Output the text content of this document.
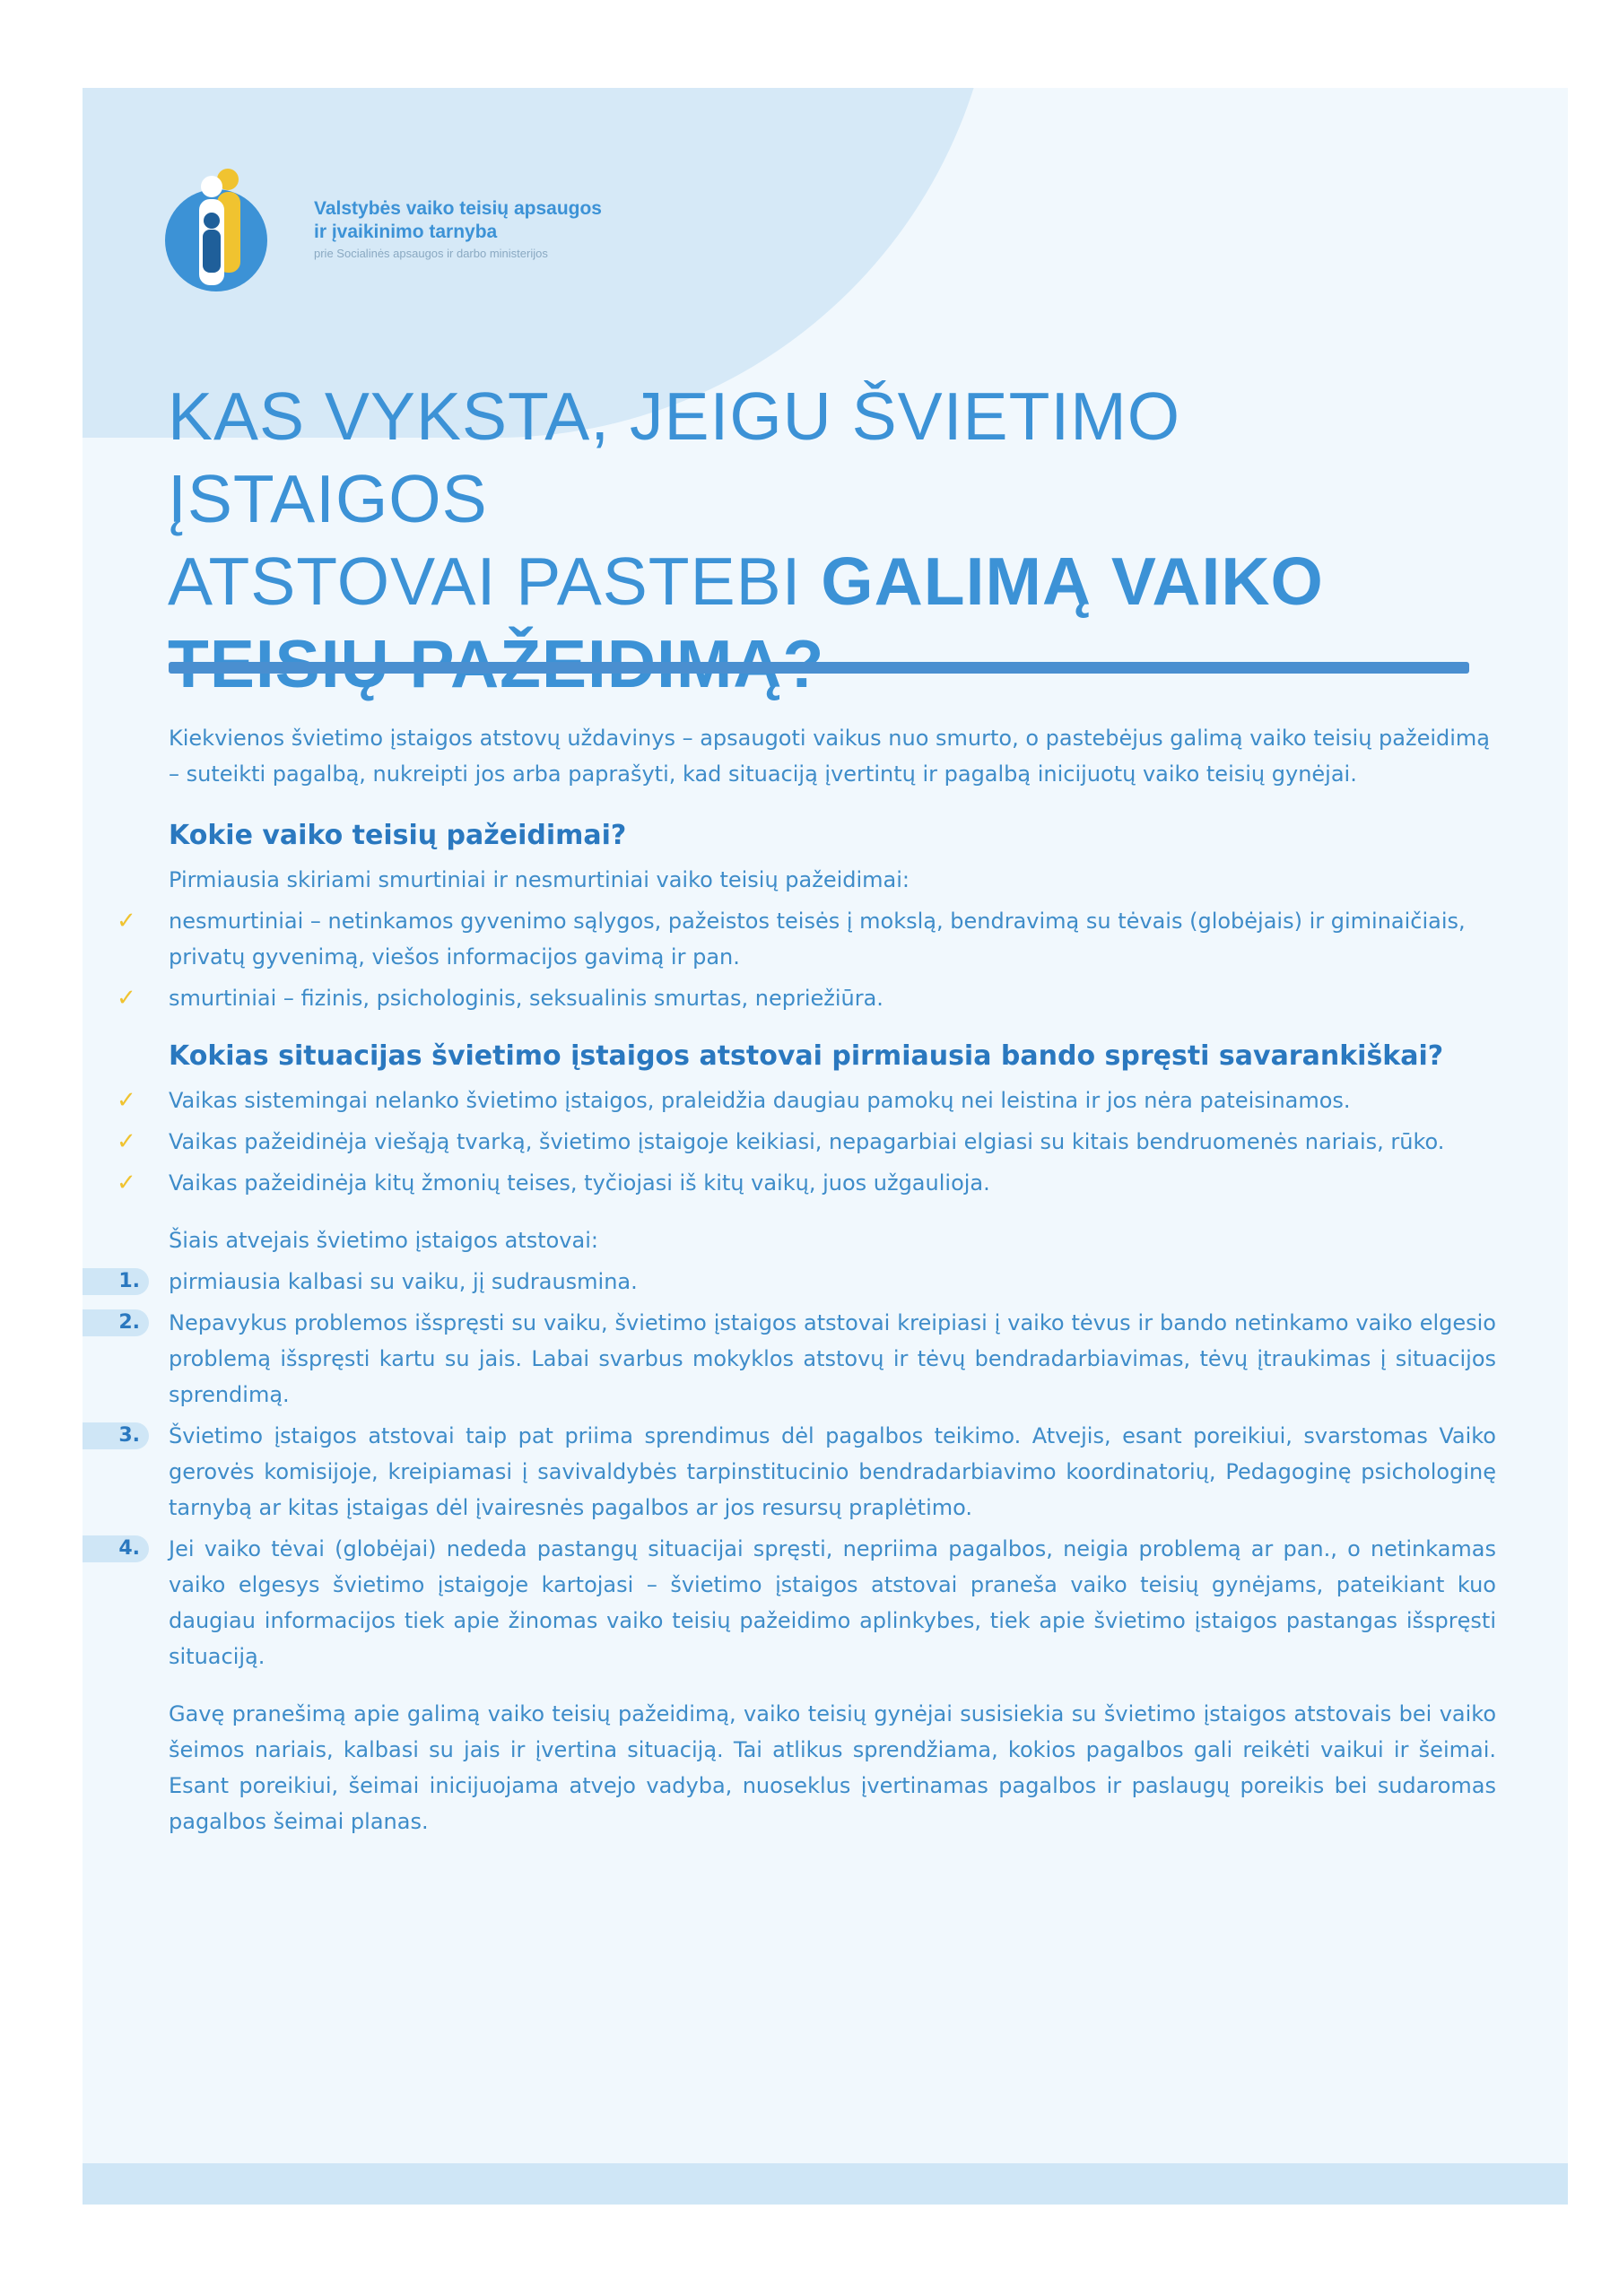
Valstybės vaiko teisių apsaugos
ir įvaikinimo tarnyba
prie Socialinės apsaugos ir darbo ministerijos
KAS VYKSTA, JEIGU ŠVIETIMO ĮSTAIGOS
ATSTOVAI PASTEBI GALIMĄ VAIKO

Kiekvienos švietimo įstaigos atstovų uždavinys – apsaugoti vaikus nuo smurto, o pastebėjus galimą vaiko teisių pažeidimą – suteikti pagalbą, nukreipti jos arba paprašyti, kad situaciją įvertintų ir pagalbą inicijuotų vaiko teisių gynėjai.

Kokie vaiko teisių pažeidimai?

Pirmiausia skiriami smurtiniai ir nesmurtiniai vaiko teisių pažeidimai:

✓ nesmurtiniai – netinkamos gyvenimo sąlygos, pažeistos teisės į mokslą, bendravimą su tėvais (globėjais) ir giminaičiais, privatų gyvenimą, viešos informacijos gavimą ir pan.
✓ smurtiniai – fizinis, psichologinis, seksualinis smurtas, nepriežiūra.
Kokias situacijas švietimo įstaigos atstovai pirmiausia bando spręsti savarankiškai?
✓ Vaikas sistemingai nelanko švietimo įstaigos, praleidžia daugiau pamokų nei leistina ir jos nėra pateisinamos.
✓ Vaikas pažeidinėja viešąją tvarką, švietimo įstaigoje keikiasi, nepagarbiai elgiasi su kitais bendruomenės nariais, rūko.
✓ Vaikas pažeidinėja kitų žmonių teises, tyčiojasi iš kitų vaikų, juos užgaulioja.

Šiais atvejais švietimo įstaigos atstovai:

1.	pirmiausia kalbasi su vaiku, jį sudrausmina.
2.	Nepavykus problemos išspręsti su vaiku, švietimo įstaigos atstovai kreipiasi į vaiko tėvus ir bando netinkamo vaiko elgesio problemą išspręsti kartu su jais. Labai svarbus mokyklos atstovų ir tėvų bendradarbiavimas, tėvų įtraukimas į situacijos sprendimą.
3.	Švietimo įstaigos atstovai taip pat priima sprendimus dėl pagalbos teikimo. Atvejis, esant poreikiui, svarstomas Vaiko gerovės komisijoje, kreipiamasi į savivaldybės tarpinstitucinio bendradarbiavimo koordinatorių, Pedagoginę psichologinę tarnybą ar kitas įstaigas dėl įvairesnės pagalbos ar jos resursų praplėtimo.
4.	Jei vaiko tėvai (globėjai) nededa pastangų situacijai spręsti, nepriima pagalbos, neigia problemą ar pan., o netinkamas vaiko elgesys švietimo įstaigoje kartojasi – švietimo įstaigos atstovai praneša vaiko teisių gynėjams, pateikiant kuo daugiau informacijos tiek apie žinomas vaiko teisių pažeidimo aplinkybes, tiek apie švietimo įstaigos pastangas išspręsti situaciją.

Gavę pranešimą apie galimą vaiko teisių pažeidimą, vaiko teisių gynėjai susisiekia su švietimo įstaigos atstovais bei vaiko šeimos nariais, kalbasi su jais ir įvertina situaciją. Tai atlikus sprendžiama, kokios pagalbos gali reikėti vaikui ir šeimai. Esant poreikiui, šeimai inicijuojama atvejo vadyba, nuoseklus įvertinamas pagalbos ir paslaugų poreikis bei sudaromas pagalbos šeimai planas.
